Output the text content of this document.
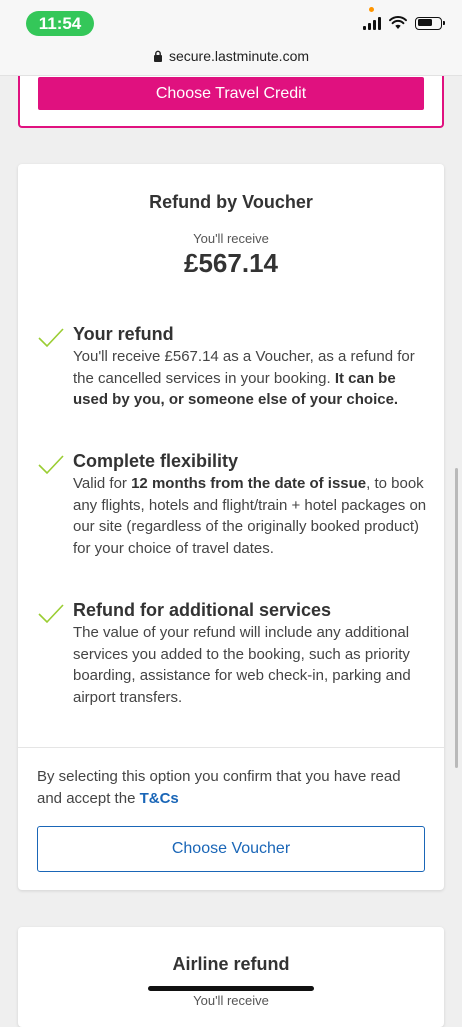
11:54
Choose Travel Credit
secure.lastminute.com
Refund by Voucher
You'll receive
£567.14
Your refund

You'll receive £567.14 as a Voucher, as a refund for the cancelled services in your booking. It can be used by you, or someone else of your choice.

Complete flexibility

Valid for 12 months from the date of issue, to book any flights, hotels and flight/train + hotel packages on our site (regardless of the originally booked product) for your choice of travel dates.

Refund for additional services

The value of your refund will include any additional services you added to the booking, such as priority boarding, assistance for web check-in, parking and airport transfers.

By selecting this option you confirm that you have read and accept the T&Cs
Choose Voucher
Airline refund
You'll receive
